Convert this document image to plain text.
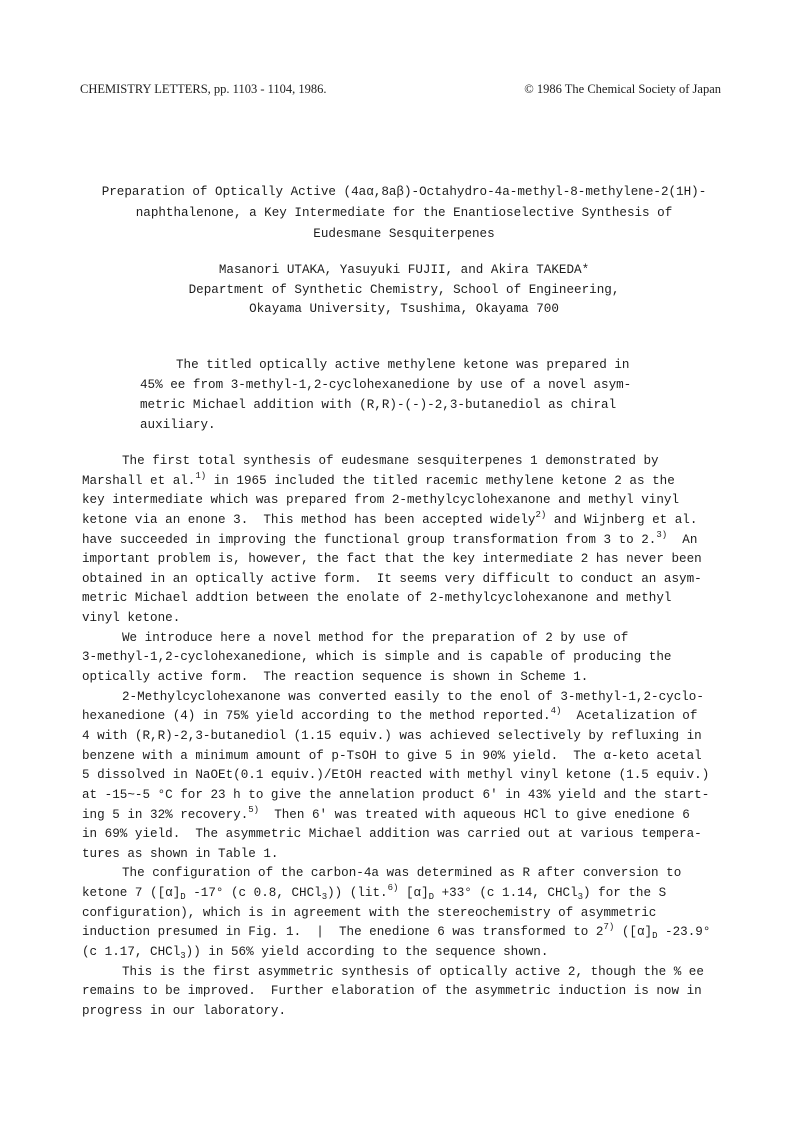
CHEMISTRY LETTERS, pp. 1103 - 1104, 1986.	© 1986 The Chemical Society of Japan
Preparation of Optically Active (4aα,8aβ)-Octahydro-4a-methyl-8-methylene-2(1H)-
naphthalenone, a Key Intermediate for the Enantioselective Synthesis of
Eudesmane Sesquiterpenes
Masanori UTAKA, Yasuyuki FUJII, and Akira TAKEDA*
Department of Synthetic Chemistry, School of Engineering,
Okayama University, Tsushima, Okayama 700
The titled optically active methylene ketone was prepared in
45% ee from 3-methyl-1,2-cyclohexanedione by use of a novel asym-
metric Michael addition with (R,R)-(-)-2,3-butanediol as chiral
auxiliary.
The first total synthesis of eudesmane sesquiterpenes 1 demonstrated by
Marshall et al.$^{1)}$ in 1965 included the titled racemic methylene ketone 2 as the
key intermediate which was prepared from 2-methylcyclohexanone and methyl vinyl
ketone via an enone 3.  This method has been accepted widely$^{2)}$ and Wijnberg et al.
have succeeded in improving the functional group transformation from 3 to 2.$^{3)}$  An
important problem is, however, the fact that the key intermediate 2 has never been
obtained in an optically active form.  It seems very difficult to conduct an asym-
metric Michael addtion between the enolate of 2-methylcyclohexanone and methyl
vinyl ketone.
We introduce here a novel method for the preparation of 2 by use of
3-methyl-1,2-cyclohexanedione, which is simple and is capable of producing the
optically active form.  The reaction sequence is shown in Scheme 1.
2-Methylcyclohexanone was converted easily to the enol of 3-methyl-1,2-cyclo-
hexanedione (4) in 75% yield according to the method reported.$^{4)}$  Acetalization of
4 with (R,R)-2,3-butanediol (1.15 equiv.) was achieved selectively by refluxing in
benzene with a minimum amount of p-TsOH to give 5 in 90% yield.  The α-keto acetal
5 dissolved in NaOEt(0.1 equiv.)/EtOH reacted with methyl vinyl ketone (1.5 equiv.)
at -15~-5 °C for 23 h to give the annelation product 6' in 43% yield and the start-
ing 5 in 32% recovery.$^{5)}$  Then 6' was treated with aqueous HCl to give enedione 6
in 69% yield.  The asymmetric Michael addition was carried out at various tempera-
tures as shown in Table 1.
The configuration of the carbon-4a was determined as R after conversion to
ketone 7 ($[\alpha]_D$ -17° (c 0.8, CHCl$_3$)) (lit.$^{6)}$ $[\alpha]_D +33^\circ$ (c 1.14, CHCl$_3$) for the S
configuration), which is in agreement with the stereochemistry of asymmetric
induction presumed in Fig. 1.  |  The enedione 6 was transformed to 2$^{7)}$ ($[\alpha]_D$ -23.9°
(c 1.17, CHCl$_3$)) in 56% yield according to the sequence shown.
This is the first asymmetric synthesis of optically active 2, though the % ee
remains to be improved.  Further elaboration of the asymmetric induction is now in
progress in our laboratory.
